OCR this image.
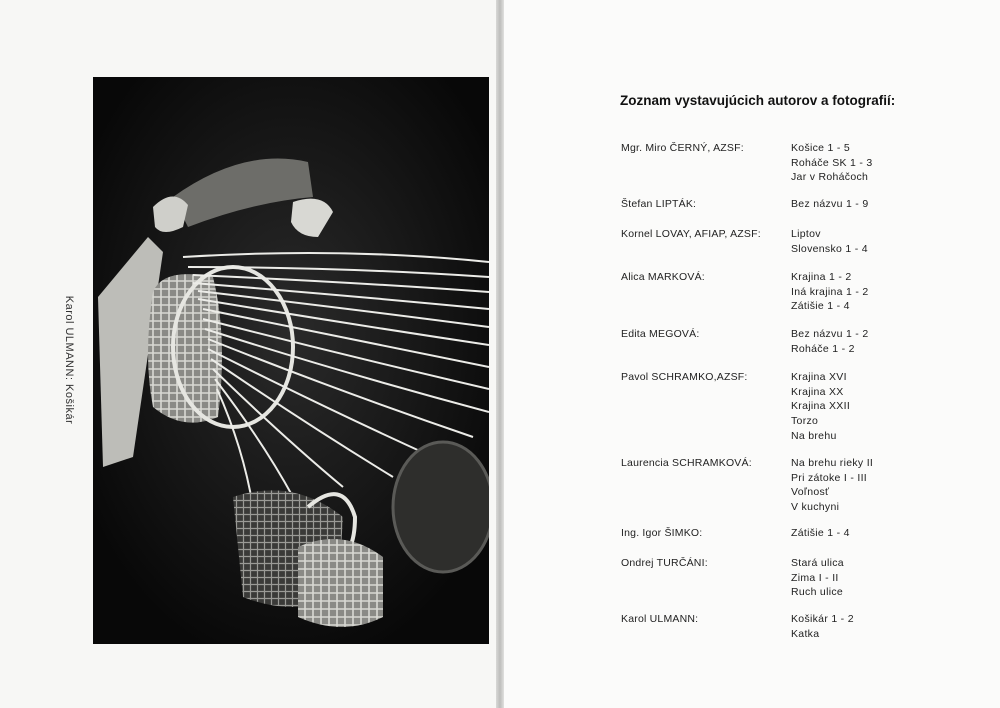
Karol ULMANN: Košikár
Zoznam vystavujúcich autorov a fotografií:
Mgr. Miro ČERNÝ, AZSF:	Košice 1 - 5
Roháče SK 1 - 3
Jar v Roháčoch
Štefan LIPTÁK:	Bez názvu 1 - 9
Kornel LOVAY, AFIAP, AZSF:	Liptov
Slovensko 1 - 4
Alica MARKOVÁ:	Krajina 1 - 2
Iná krajina 1 - 2
Zátišie 1 - 4
Edita MEGOVÁ:	Bez názvu 1 - 2
Roháče 1 - 2
Pavol SCHRAMKO,AZSF:	Krajina XVI
Krajina XX
Krajina XXII
Torzo
Na brehu
Laurencia SCHRAMKOVÁ:	Na brehu rieky II
Pri zátoke I - III
Voľnosť
V kuchyni
Ing. Igor ŠIMKO:	Zátišie 1 - 4
Ondrej TURČÁNI:	Stará ulica
Zima I - II
Ruch ulice
Karol ULMANN:	Košikár 1 - 2
Katka
